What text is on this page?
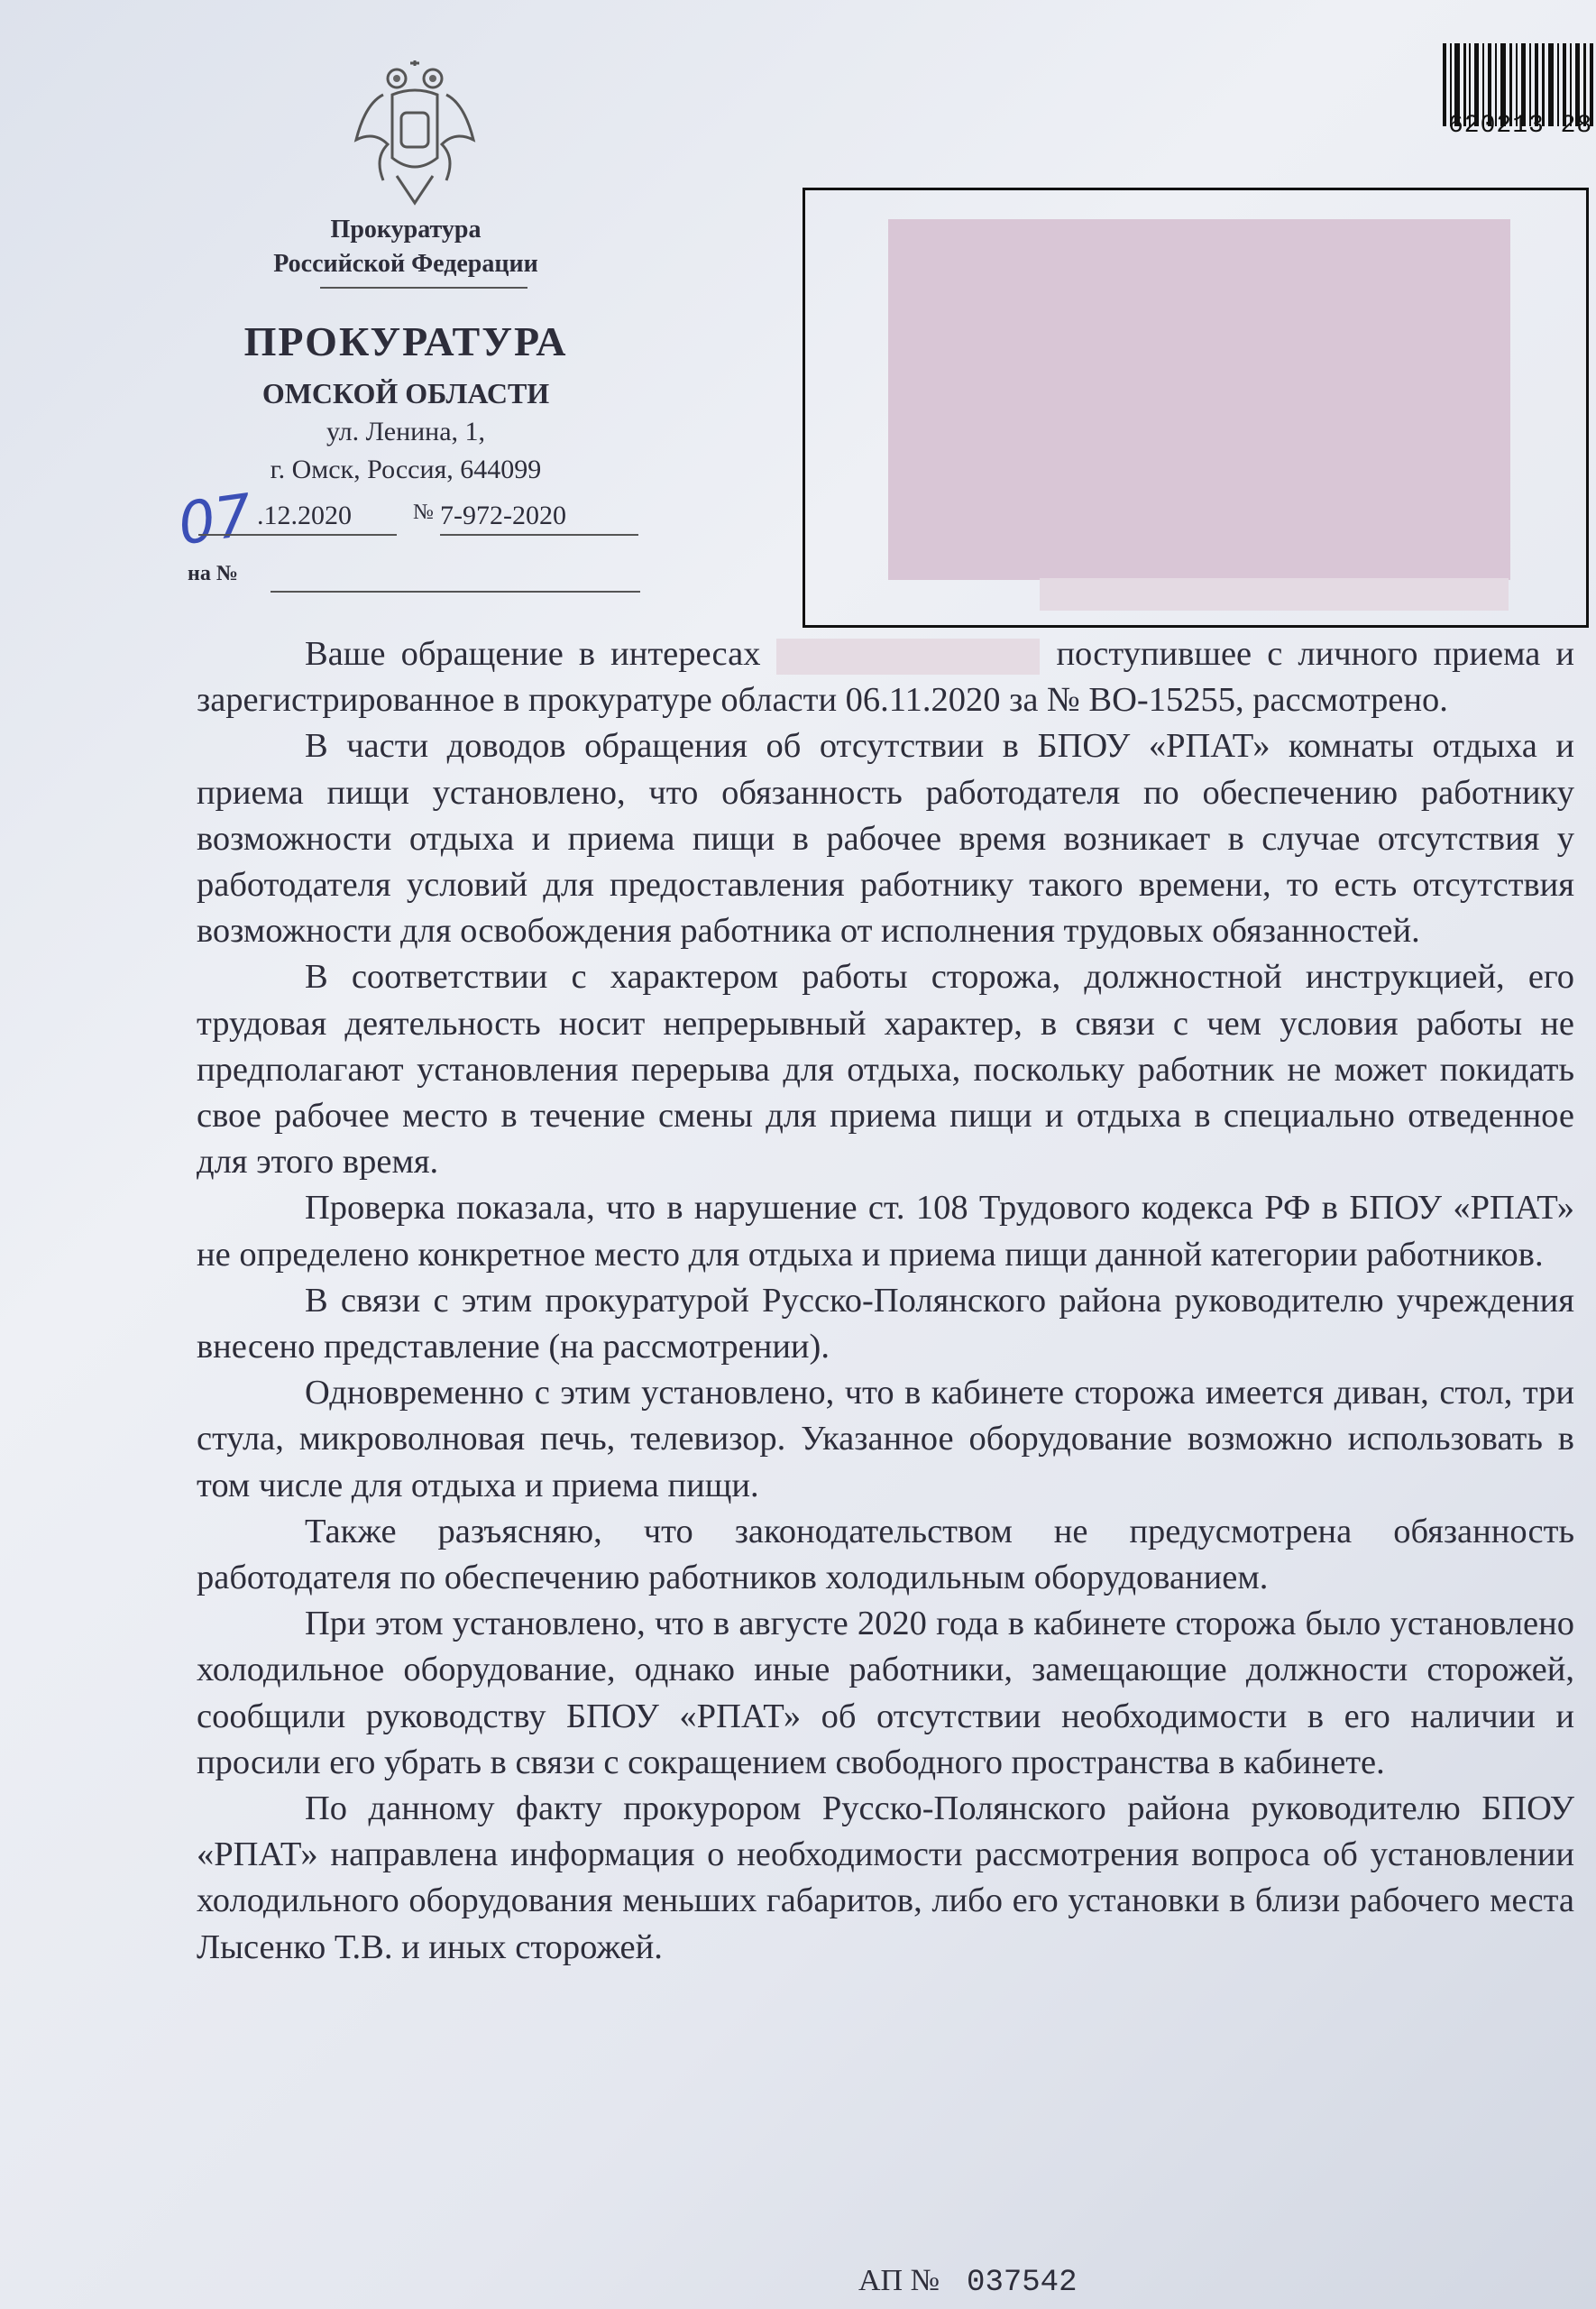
Прокуратура
Российской Федерации
ПРОКУРАТУРА
ОМСКОЙ ОБЛАСТИ
ул. Ленина, 1,
г. Омск, Россия, 644099
07 .12.2020	№ 7-972-2020
на №
620213 28

Ваше обращение в интересах	поступившее с личного приема и зарегистрированное в прокуратуре области 06.11.2020 за № ВО-15255, рассмотрено.

В части доводов обращения об отсутствии в БПОУ «РПАТ» комнаты отдыха и приема пищи установлено, что обязанность работодателя по обеспечению работнику возможности отдыха и приема пищи в рабочее время возникает в случае отсутствия у работодателя условий для предоставления работнику такого времени, то есть отсутствия возможности для освобождения работника от исполнения трудовых обязанностей.

В соответствии с характером работы сторожа, должностной инструкцией, его трудовая деятельность носит непрерывный характер, в связи с чем условия работы не предполагают установления перерыва для отдыха, поскольку работник не может покидать свое рабочее место в течение смены для приема пищи и отдыха в специально отведенное для этого время.

Проверка показала, что в нарушение ст. 108 Трудового кодекса РФ в БПОУ «РПАТ» не определено конкретное место для отдыха и приема пищи данной категории работников.

В связи с этим прокуратурой Русско-Полянского района руководителю учреждения внесено представление (на рассмотрении).

Одновременно с этим установлено, что в кабинете сторожа имеется диван, стол, три стула, микроволновая печь, телевизор. Указанное оборудование возможно использовать в том числе для отдыха и приема пищи.

Также разъясняю, что законодательством не предусмотрена обязанность работодателя по обеспечению работников холодильным оборудованием.

При этом установлено, что в августе 2020 года в кабинете сторожа было установлено холодильное оборудование, однако иные работники, замещающие должности сторожей, сообщили руководству БПОУ «РПАТ» об отсутствии необходимости в его наличии и просили его убрать в связи с сокращением свободного пространства в кабинете.

По данному факту прокурором Русско-Полянского района руководителю БПОУ «РПАТ» направлена информация о необходимости рассмотрения вопроса об установлении холодильного оборудования меньших габаритов, либо его установки в близи рабочего места Лысенко Т.В. и иных сторожей.

АП № 037542
